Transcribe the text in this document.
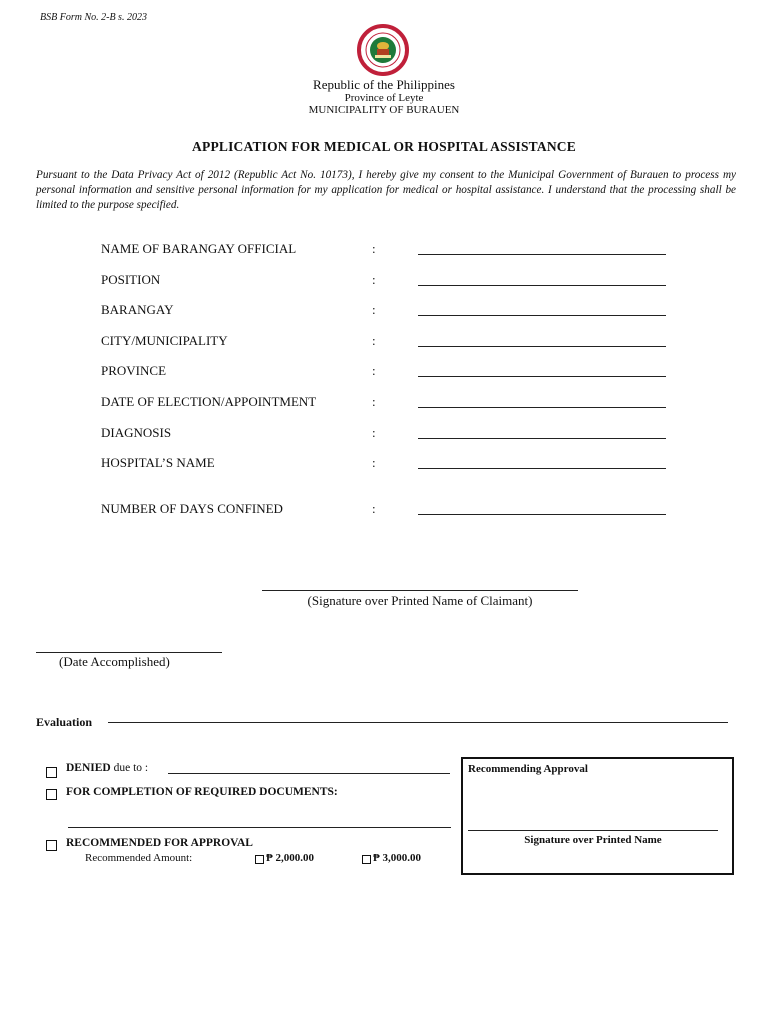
BSB Form No. 2-B s. 2023
Republic of the Philippines
Province of Leyte
MUNICIPALITY OF BURAUEN
APPLICATION FOR MEDICAL OR HOSPITAL ASSISTANCE
Pursuant to the Data Privacy Act of 2012 (Republic Act No. 10173), I hereby give my consent to the Municipal Government of Burauen to process my personal information and sensitive personal information for my application for medical or hospital assistance. I understand that the processing shall be limited to the purpose specified.
NAME OF BARANGAY OFFICIAL	:
POSITION	:
BARANGAY	:
CITY/MUNICIPALITY	:
PROVINCE	:
DATE OF ELECTION/APPOINTMENT	:
DIAGNOSIS	:
HOSPITAL’S NAME	:
NUMBER OF DAYS CONFINED	:
(Signature over Printed Name of Claimant)
(Date Accomplished)
Evaluation
DENIED due to :
FOR COMPLETION OF REQUIRED DOCUMENTS:
RECOMMENDED FOR APPROVAL
Recommended Amount:	₱ 2,000.00	₱ 3,000.00
Recommending Approval
Signature over Printed Name
